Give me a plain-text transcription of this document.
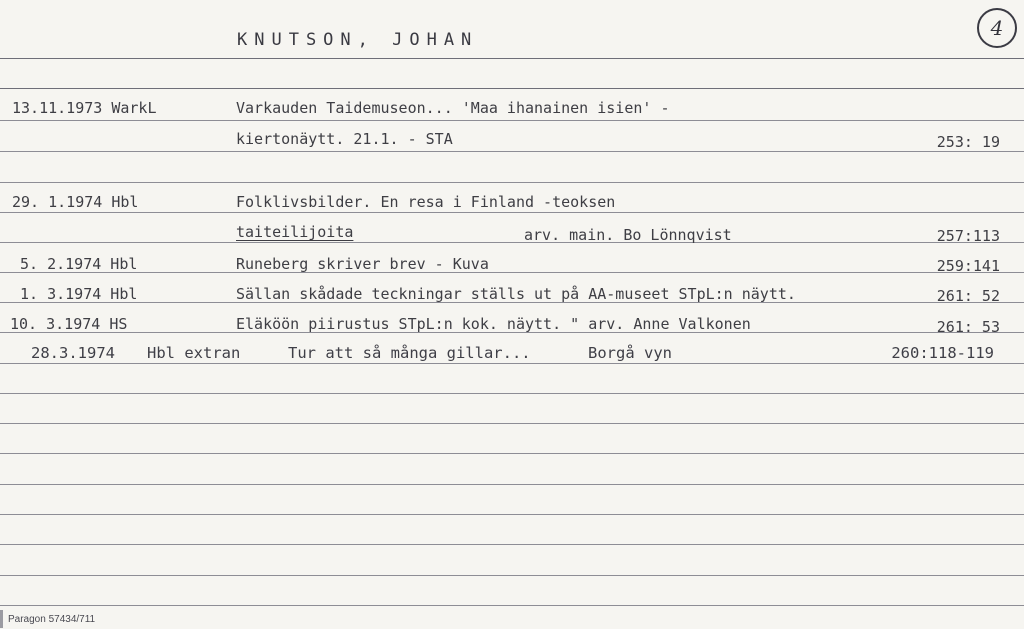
KNUTSON, JOHAN	4
13.11.1973 WarkL	Varkauden Taidemuseon... 'Maa ihanainen isien' -
kiertonäytt. 21.1. - STA	253: 19
29. 1.1974 Hbl	Folklivsbilder. En resa i Finland -teoksen
taiteilijoita	arv. main. Bo Lönnqvist	257:113
5. 2.1974 Hbl	Runeberg skriver brev - Kuva	259:141
1. 3.1974 Hbl	Sällan skådade teckningar ställs ut på AA-museet STpL:n näytt.	261: 52
10. 3.1974 HS	Eläköön piirustus STpL:n kok. näytt. " arv. Anne Valkonen	261: 53
28.3.1974 Hbl extran	Tur att så många gillar...	Borgå vyn	260:118-119
Paragon 57434/711
